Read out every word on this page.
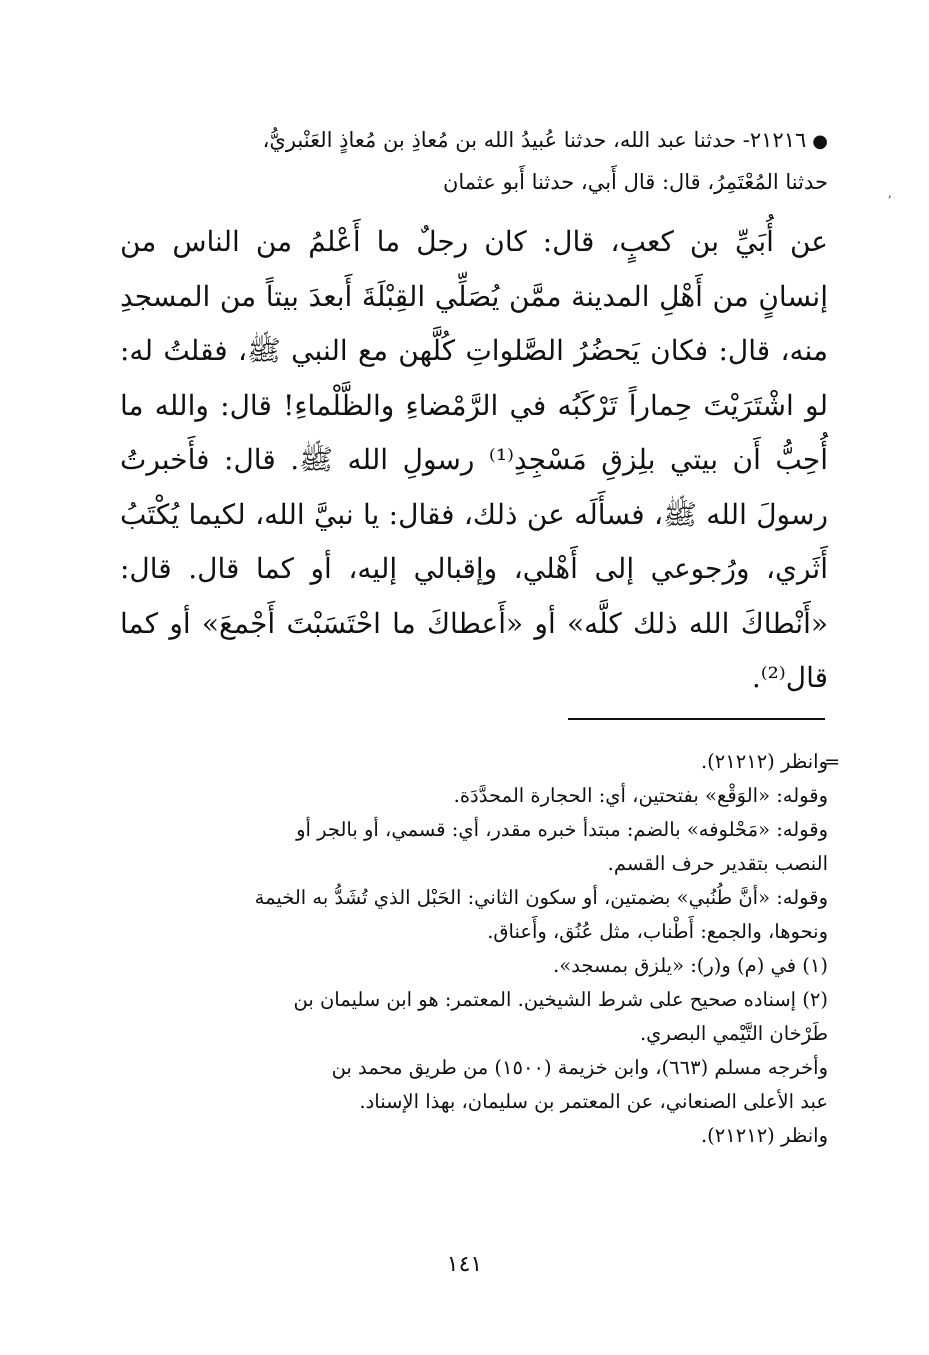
●٢١٢١٦- حدثنا عبد الله، حدثنا عُبيدُ الله بن مُعاذِ بن مُعاذٍ العَنْبريُّ،
حدثنا المُعْتَمِرُ، قال: قال أَبي، حدثنا أَبو عثمان
عن أُبَيِّ بن كعبٍ، قال: كان رجلٌ ما أَعْلمُ من الناس من إنسانٍ من أَهْلِ المدينة ممَّن يُصَلِّي القِبْلَةَ أَبعدَ بيتاً من المسجدِ منه، قال: فكان يَحضُرُ الصَّلواتِ كُلَّهن مع النبي ﷺ، فقلتُ له: لو اشْتَرَيْتَ حِماراً تَرْكَبُه في الرَّمْضاءِ والظَّلْماءِ! قال: والله ما أُحِبُّ أَن بيتي بلِزقِ مَسْجِدِ⁽¹⁾ رسولِ الله ﷺ. قال: فأَخبرتُ رسولَ الله ﷺ، فسأَلَه عن ذلك، فقال: يا نبيَّ الله، لكيما يُكْتَبُ أَثَري، ورُجوعي إلى أَهْلي، وإقبالي إليه، أو كما قال. قال: «أَنْطاكَ الله ذلك كلَّه» أو «أَعطاكَ ما احْتَسَبْتَ أَجْمعَ» أو كما قال⁽²⁾.
=
وانظر (٢١٢١٢).
وقوله: «الوَقْع» بفتحتين، أي: الحجارة المحدَّدَة.
وقوله: «مَحْلوفه» بالضم: مبتدأ خبره مقدر، أي: قسمي، أو بالجر أو
النصب بتقدير حرف القسم.
وقوله: «أنَّ طُنُبي» بضمتين، أو سكون الثاني: الحَبْل الذي تُشَدُّ به الخيمة
ونحوها، والجمع: أَطْناب، مثل عُنُق، وأَعناق.
(١) في (م) و(ر): «يلزق بمسجد».
(٢) إسناده صحيح على شرط الشيخين. المعتمر: هو ابن سليمان بن
طَرْخان التَّيْمي البصري.
وأخرجه مسلم (٦٦٣)، وابن خزيمة (١٥٠٠) من طريق محمد بن
عبد الأعلى الصنعاني، عن المعتمر بن سليمان، بهذا الإسناد.
وانظر (٢١٢١٢).
١٤١
,
